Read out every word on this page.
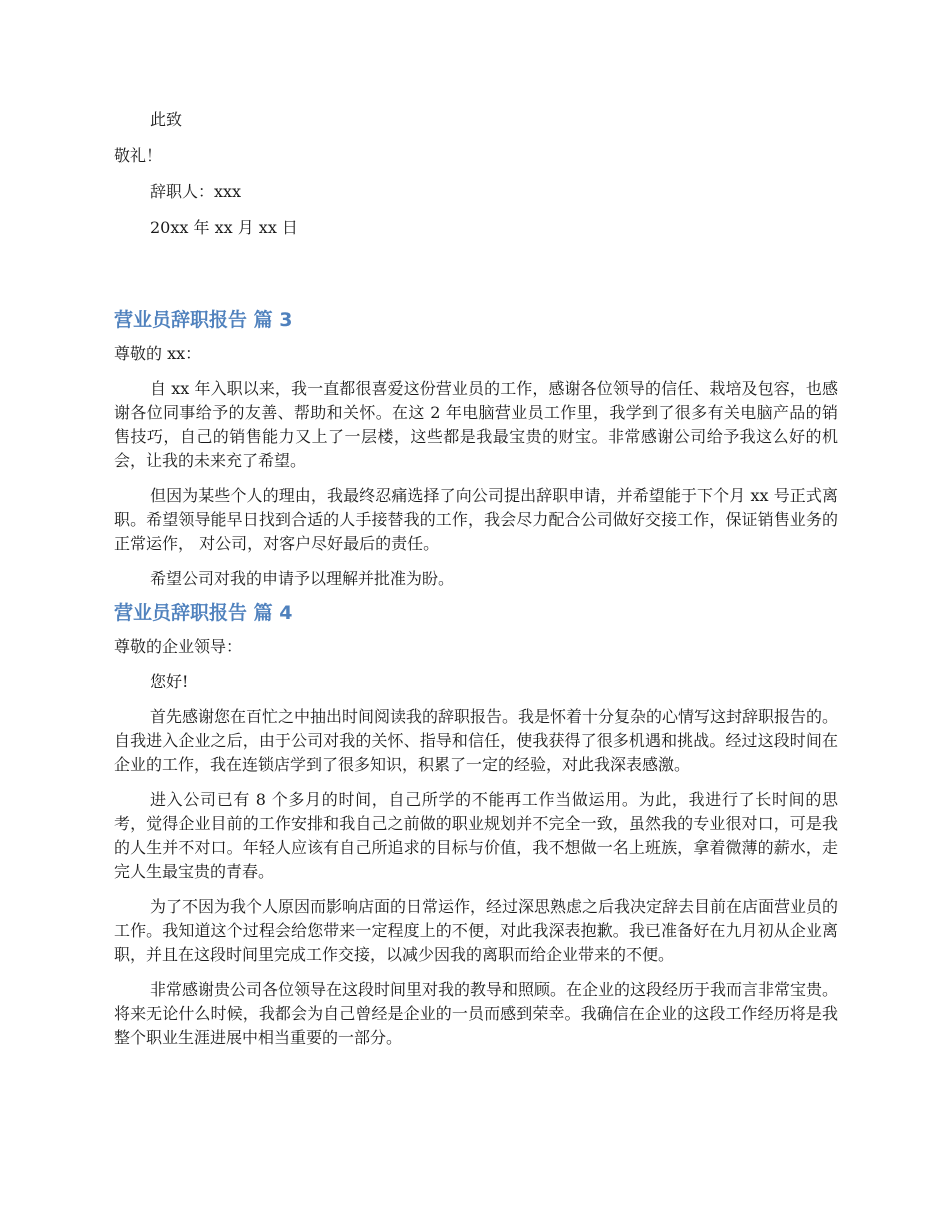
此致

敬礼！

辞职人：xxx

20xx 年 xx 月 xx 日

营业员辞职报告 篇 3

尊敬的 xx：

自 xx 年入职以来，我一直都很喜爱这份营业员的工作，感谢各位领导的信任、栽培及包容，也感谢各位同事给予的友善、帮助和关怀。在这 2 年电脑营业员工作里，我学到了很多有关电脑产品的销售技巧，自己的销售能力又上了一层楼，这些都是我最宝贵的财宝。非常感谢公司给予我这么好的机会，让我的未来充了希望。

但因为某些个人的理由，我最终忍痛选择了向公司提出辞职申请，并希望能于下个月 xx 号正式离职。希望领导能早日找到合适的人手接替我的工作，我会尽力配合公司做好交接工作，保证销售业务的正常运作， 对公司，对客户尽好最后的责任。

希望公司对我的申请予以理解并批准为盼。

营业员辞职报告 篇 4

尊敬的企业领导：

您好!

首先感谢您在百忙之中抽出时间阅读我的辞职报告。我是怀着十分复杂的心情写这封辞职报告的。自我进入企业之后，由于公司对我的关怀、指导和信任，使我获得了很多机遇和挑战。经过这段时间在企业的工作，我在连锁店学到了很多知识，积累了一定的经验，对此我深表感激。

进入公司已有 8 个多月的时间，自己所学的不能再工作当做运用。为此，我进行了长时间的思考，觉得企业目前的工作安排和我自己之前做的职业规划并不完全一致，虽然我的专业很对口，可是我的人生并不对口。年轻人应该有自己所追求的目标与价值，我不想做一名上班族，拿着微薄的薪水，走完人生最宝贵的青春。

为了不因为我个人原因而影响店面的日常运作，经过深思熟虑之后我决定辞去目前在店面营业员的工作。我知道这个过程会给您带来一定程度上的不便，对此我深表抱歉。我已准备好在九月初从企业离职，并且在这段时间里完成工作交接，以减少因我的离职而给企业带来的不便。

非常感谢贵公司各位领导在这段时间里对我的教导和照顾。在企业的这段经历于我而言非常宝贵。将来无论什么时候，我都会为自己曾经是企业的一员而感到荣幸。我确信在企业的这段工作经历将是我整个职业生涯进展中相当重要的一部分。
